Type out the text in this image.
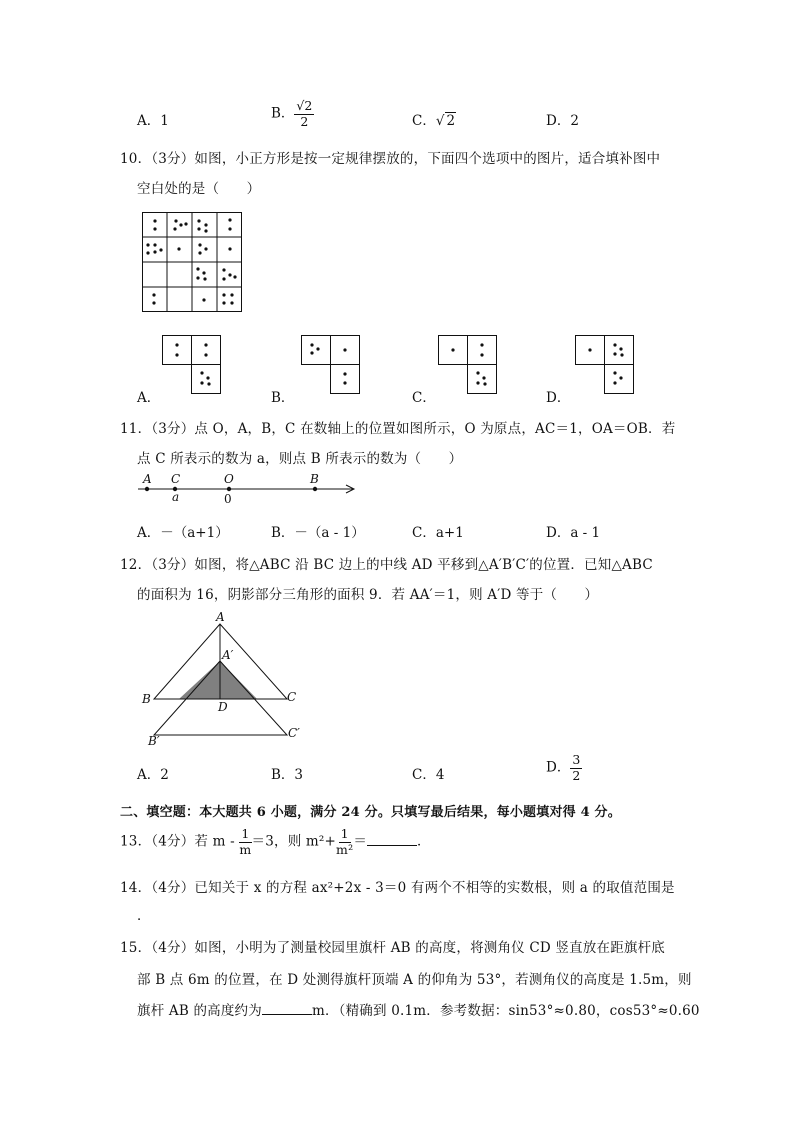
A．1	B． $\frac{√2}{2}$	C．√ 2	D．2
10．（3分）如图，小正方形是按一定规律摆放的，下面四个选项中的图片，适合填补图中
空白处的是（　　）
A．	B．	C．	D．
11．（3分）点 O，A，B，C 在数轴上的位置如图所示，O 为原点，AC＝1，OA＝OB．若
点 C 所表示的数为 a，则点 B 所表示的数为（　　）
A C	O	B
a	0
A．－（a+1）	B．－（a - 1）	C．a+1	D．a - 1
12．（3分）如图，将△ABC 沿 BC 边上的中线 AD 平移到△A′B′C′的位置．已知△ABC
的面积为 16，阴影部分三角形的面积 9．若 AA′＝1，则 A′D 等于（　　）
A
A′
B	C
D
B′
C′
A．2	B．3	C．4	D． $\frac{3}{2}$
二、填空题：本大题共 6 小题，满分 24 分。只填写最后结果，每小题填对得 4 分。
13．（4分）若 $m - \frac{1}{m} =3$，则 $m^2+ \frac{1}{\text{m²}}$ ＝	．
14．（4分）已知关于 x 的方程 ax²+2x - 3＝0 有两个不相等的实数根，则 a 的取值范围是
．
15．（4分）如图，小明为了测量校园里旗杆 AB 的高度，将测角仪 CD 竖直放在距旗杆底
部 B 点 6m 的位置，在 D 处测得旗杆顶端 A 的仰角为 53°，若测角仪的高度是 1.5m，则
旗杆 AB 的高度约为	m．（精确到 0.1m．参考数据：sin53°≈0.80，cos53°≈0.60
